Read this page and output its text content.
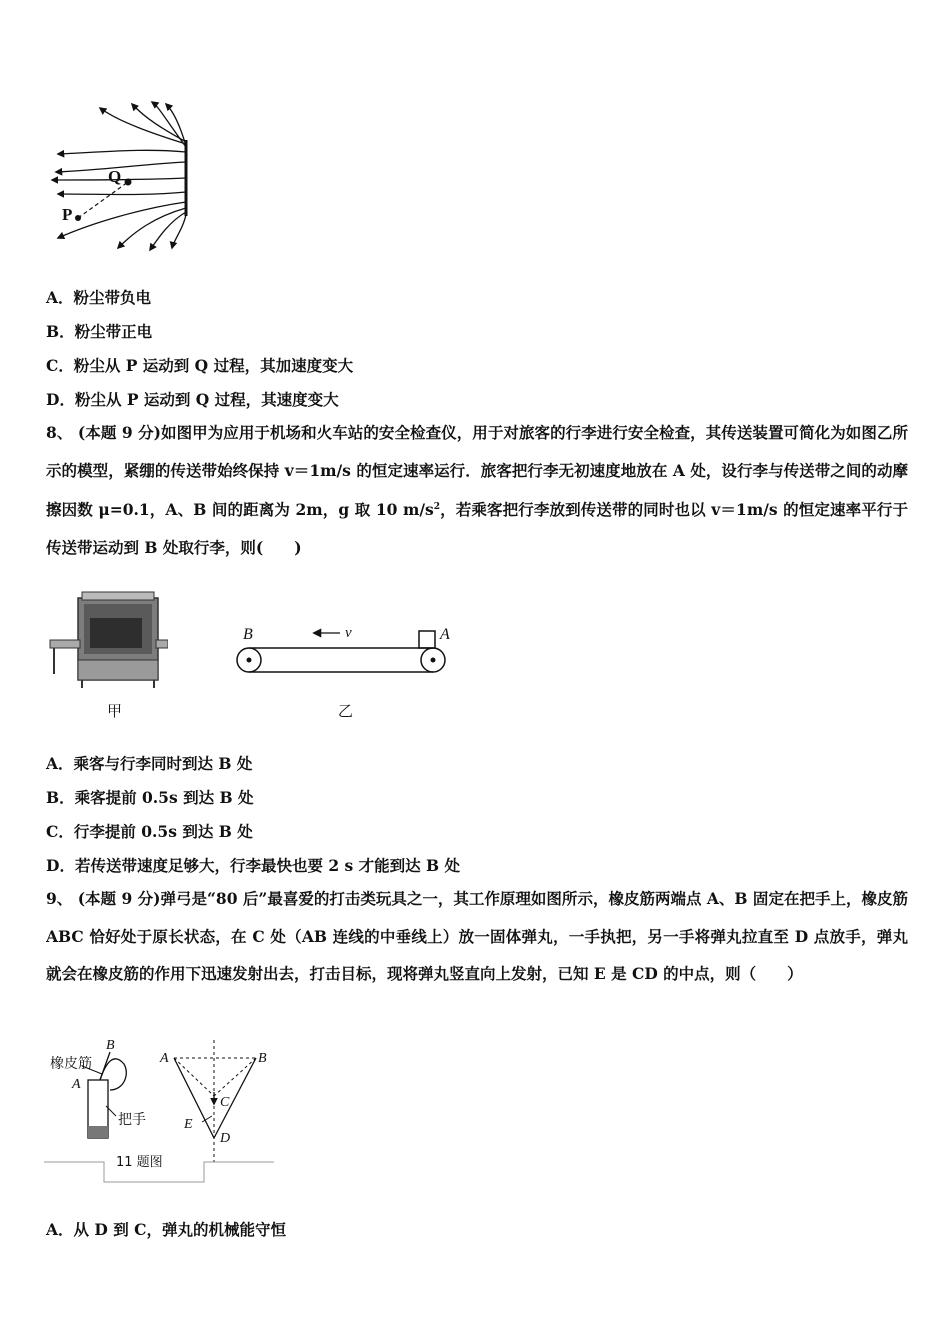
Q
P
A．粉尘带负电
B．粉尘带正电
C．粉尘从 P 运动到 Q 过程，其加速度变大
D．粉尘从 P 运动到 Q 过程，其速度变大
8、 (本题 9 分)如图甲为应用于机场和火车站的安全检查仪，用于对旅客的行李进行安全检查，其传送装置可简化为如图乙所示的模型，紧绷的传送带始终保持 v＝1m/s 的恒定速率运行．旅客把行李无初速度地放在 A 处，设行李与传送带之间的动摩擦因数 μ=0.1，A、B 间的距离为 2m，g 取 10 $m/s^2$，若乘客把行李放到传送带的同时也以 v＝1m/s 的恒定速率平行于传送带运动到 B 处取行李，则(　　)
甲
v
B	A
乙
A．乘客与行李同时到达 B 处
B．乘客提前 0.5s 到达 B 处
C．行李提前 0.5s 到达 B 处
D．若传送带速度足够大，行李最快也要 2 s 才能到达 B 处
9、 (本题 9 分)弹弓是“80 后”最喜爱的打击类玩具之一，其工作原理如图所示，橡皮筋两端点 A、B 固定在把手上，橡皮筋 ABC 恰好处于原长状态，在 C 处（AB 连线的中垂线上）放一固体弹丸，一手执把，另一手将弹丸拉直至 D 点放手，弹丸就会在橡皮筋的作用下迅速发射出去，打击目标，现将弹丸竖直向上发射，已知 E 是 CD 的中点，则（　　）
橡皮筋
B
A
把手
A	B
C
E
D
11 题图
A．从 D 到 C，弹丸的机械能守恒
